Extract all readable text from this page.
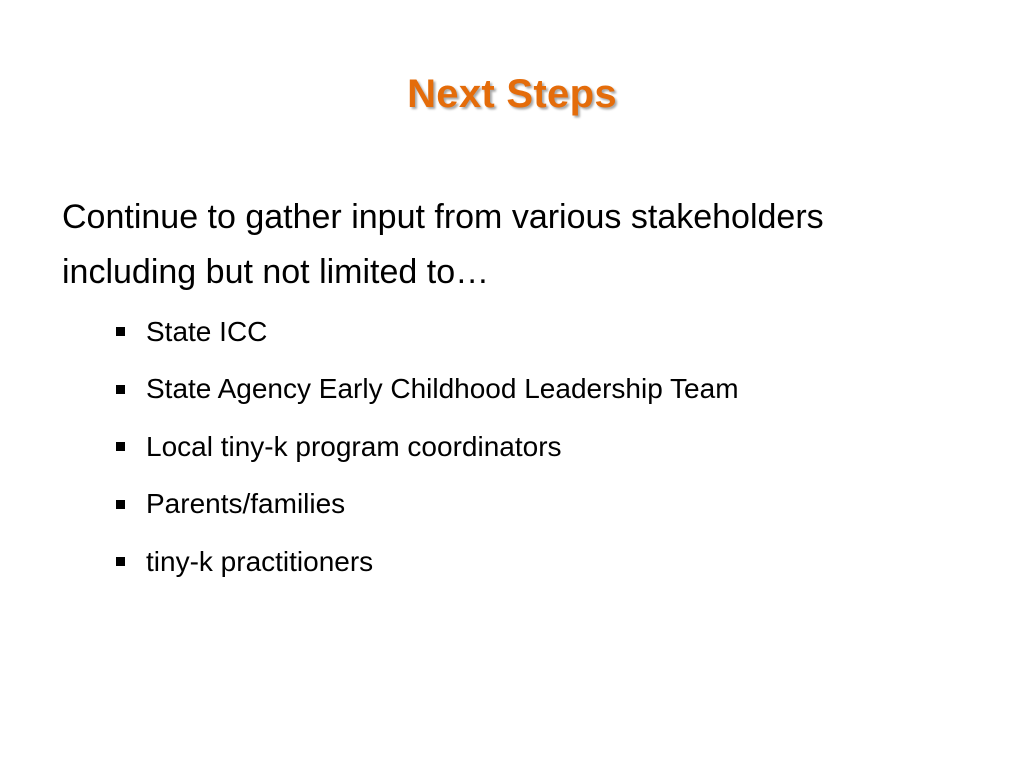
Next Steps

Continue to gather input from various stakeholders including but not limited to…

State ICC
State Agency Early Childhood Leadership Team
Local tiny-k program coordinators
Parents/families
tiny-k practitioners
